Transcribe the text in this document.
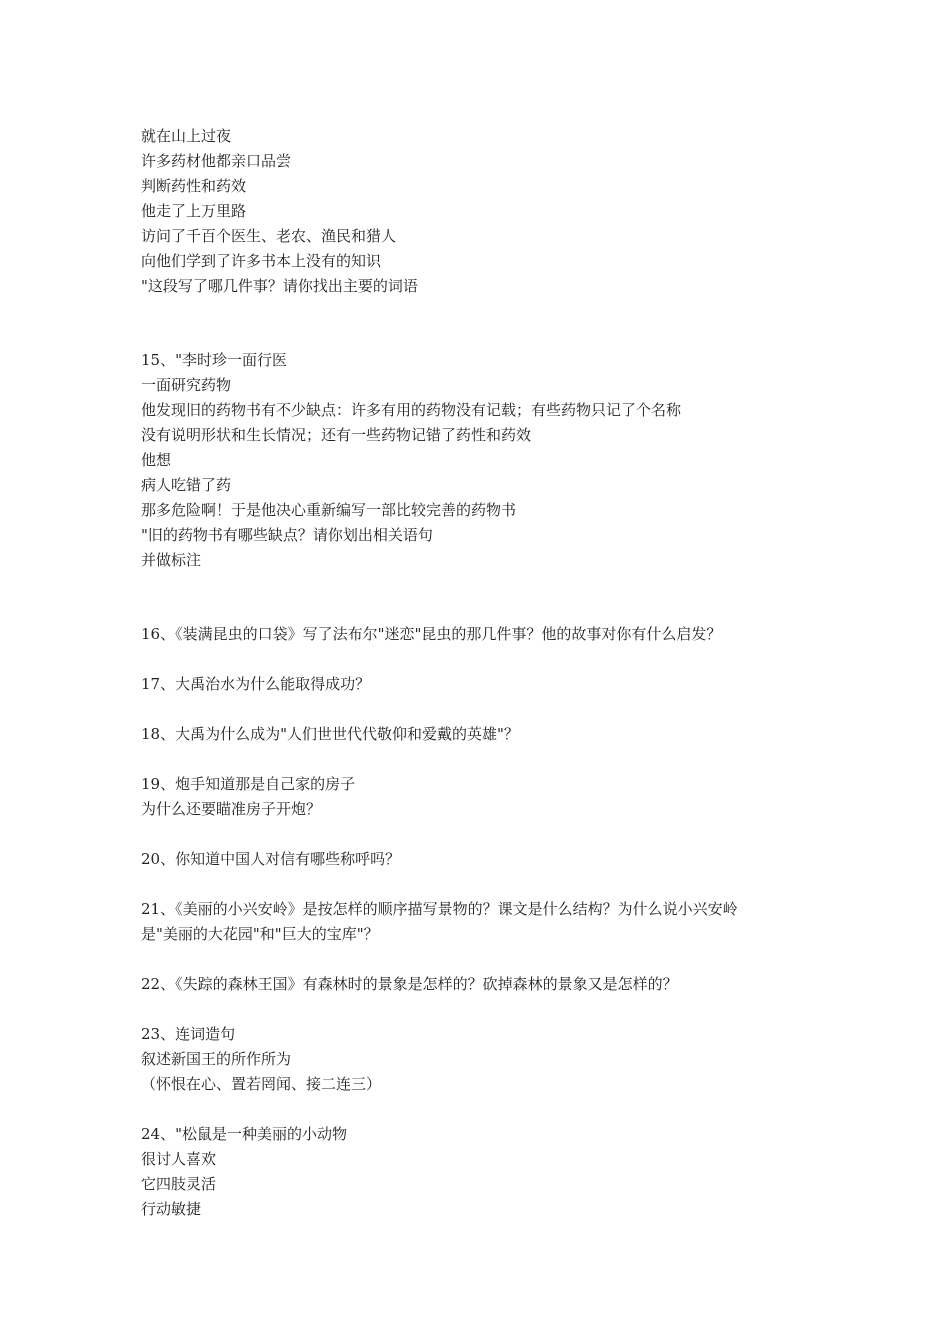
就在山上过夜
许多药材他都亲口品尝
判断药性和药效
他走了上万里路
访问了千百个医生、老农、渔民和猎人
向他们学到了许多书本上没有的知识
"这段写了哪几件事？请你找出主要的词语
15、"李时珍一面行医
一面研究药物
他发现旧的药物书有不少缺点：许多有用的药物没有记载；有些药物只记了个名称
没有说明形状和生长情况；还有一些药物记错了药性和药效
他想
病人吃错了药
那多危险啊！于是他决心重新编写一部比较完善的药物书
"旧的药物书有哪些缺点？请你划出相关语句
并做标注
16、《装满昆虫的口袋》写了法布尔"迷恋"昆虫的那几件事？他的故事对你有什么启发？
17、大禹治水为什么能取得成功？
18、大禹为什么成为"人们世世代代敬仰和爱戴的英雄"？
19、炮手知道那是自己家的房子
为什么还要瞄准房子开炮？
20、你知道中国人对信有哪些称呼吗？
21、《美丽的小兴安岭》是按怎样的顺序描写景物的？课文是什么结构？为什么说小兴安岭
是"美丽的大花园"和"巨大的宝库"？
22、《失踪的森林王国》有森林时的景象是怎样的？砍掉森林的景象又是怎样的？
23、连词造句
叙述新国王的所作所为
（怀恨在心、置若罔闻、接二连三）
24、"松鼠是一种美丽的小动物
很讨人喜欢
它四肢灵活
行动敏捷
